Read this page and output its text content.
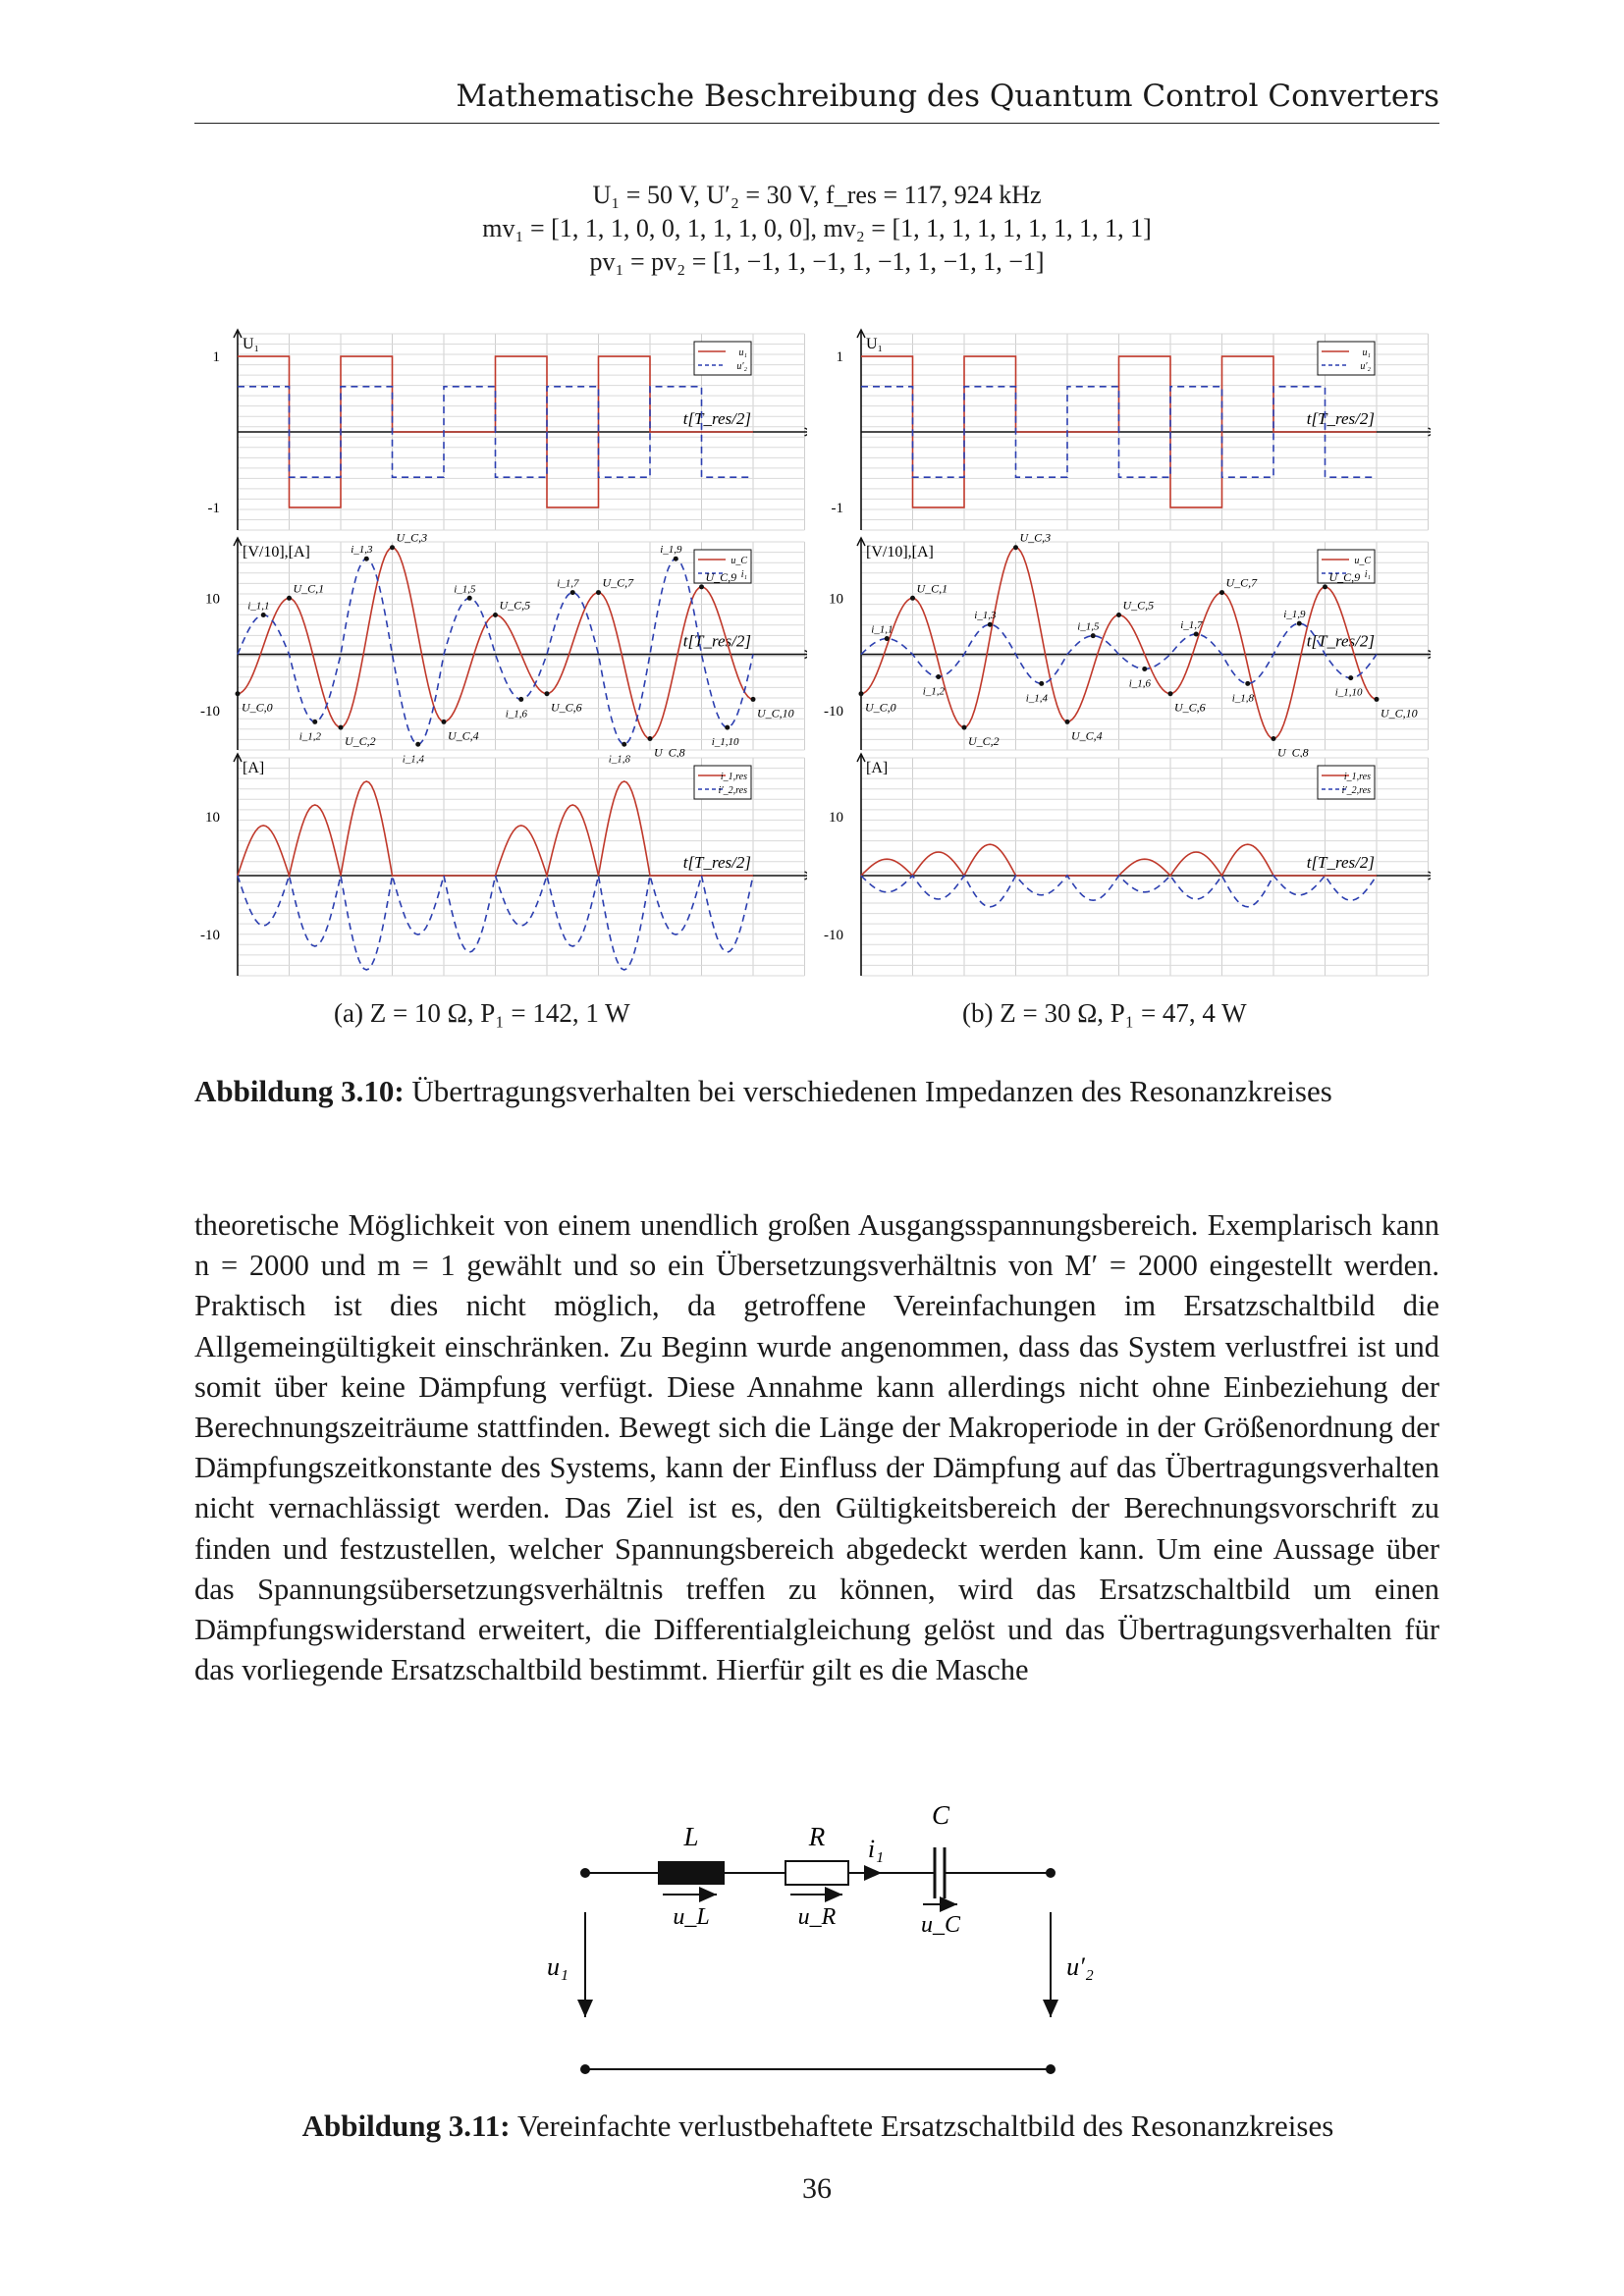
Mathematische Beschreibung des Quantum Control Converters
U₁ = 50 V, U′₂ = 30 V, f_res = 117, 924 kHz
mv₁ = [1, 1, 1, 0, 0, 1, 1, 1, 0, 0], mv₂ = [1, 1, 1, 1, 1, 1, 1, 1, 1, 1]
pv₁ = pv₂ = [1, −1, 1, −1, 1, −1, 1, −1, 1, −1]
U₁
t[T_res/2]
1
-1
u₁
u′₂
[V/10],[A]
t[T_res/2]
10
-10
u_C
i₁
U_C,0
U_C,1
U_C,2
U_C,3
U_C,4
U_C,5
U_C,6
U_C,7
U_C,8
U_C,9
U_C,10
i_1,1
i_1,2
i_1,3
i_1,4
i_1,5
i_1,6
i_1,7
i_1,8
i_1,9
i_1,10
[A]
t[T_res/2]
10
-10
i_1,res
i′_2,res
U₁
t[T_res/2]
1
-1
u₁
u′₂
[V/10],[A]
t[T_res/2]
10
-10
u_C
i₁
U_C,0
U_C,1
U_C,2
U_C,3
U_C,4
U_C,5
U_C,6
U_C,7
U_C,8
U_C,9
U_C,10
i_1,1
i_1,2
i_1,3
i_1,4
i_1,5
i_1,6
i_1,7
i_1,8
i_1,9
i_1,10
[A]
t[T_res/2]
10
-10
i_1,res
i′_2,res
(a) Z = 10 Ω, P₁ = 142, 1 W	(b) Z = 30 Ω, P₁ = 47, 4 W
Abbildung 3.10: Übertragungsverhalten bei verschiedenen Impedanzen des Resonanzkreises
theoretische Möglichkeit von einem unendlich großen Ausgangsspannungsbereich. Exemplarisch kann n = 2000 und m = 1 gewählt und so ein Übersetzungsverhältnis von M′ = 2000 eingestellt werden. Praktisch ist dies nicht möglich, da getroffene Vereinfachungen im Ersatzschaltbild die Allgemeingültigkeit einschränken. Zu Beginn wurde angenommen, dass das System verlustfrei ist und somit über keine Dämpfung verfügt. Diese Annahme kann allerdings nicht ohne Einbeziehung der Berechnungszeiträume stattfinden. Bewegt sich die Länge der Makroperiode in der Größenordnung der Dämpfungszeitkonstante des Systems, kann der Einfluss der Dämpfung auf das Übertragungsverhalten nicht vernachlässigt werden. Das Ziel ist es, den Gültigkeitsbereich der Berechnungsvorschrift zu finden und festzustellen, welcher Spannungsbereich abgedeckt werden kann. Um eine Aussage über das Spannungsübersetzungsverhältnis treffen zu können, wird das Ersatzschaltbild um einen Dämpfungswiderstand erweitert, die Differentialgleichung gelöst und das Übertragungsverhalten für das vorliegende Ersatzschaltbild bestimmt. Hierfür gilt es die Masche
L	R
C
i₁
u_L	u_R	u_C
u₁	u′₂
Abbildung 3.11: Vereinfachte verlustbehaftete Ersatzschaltbild des Resonanzkreises
36
